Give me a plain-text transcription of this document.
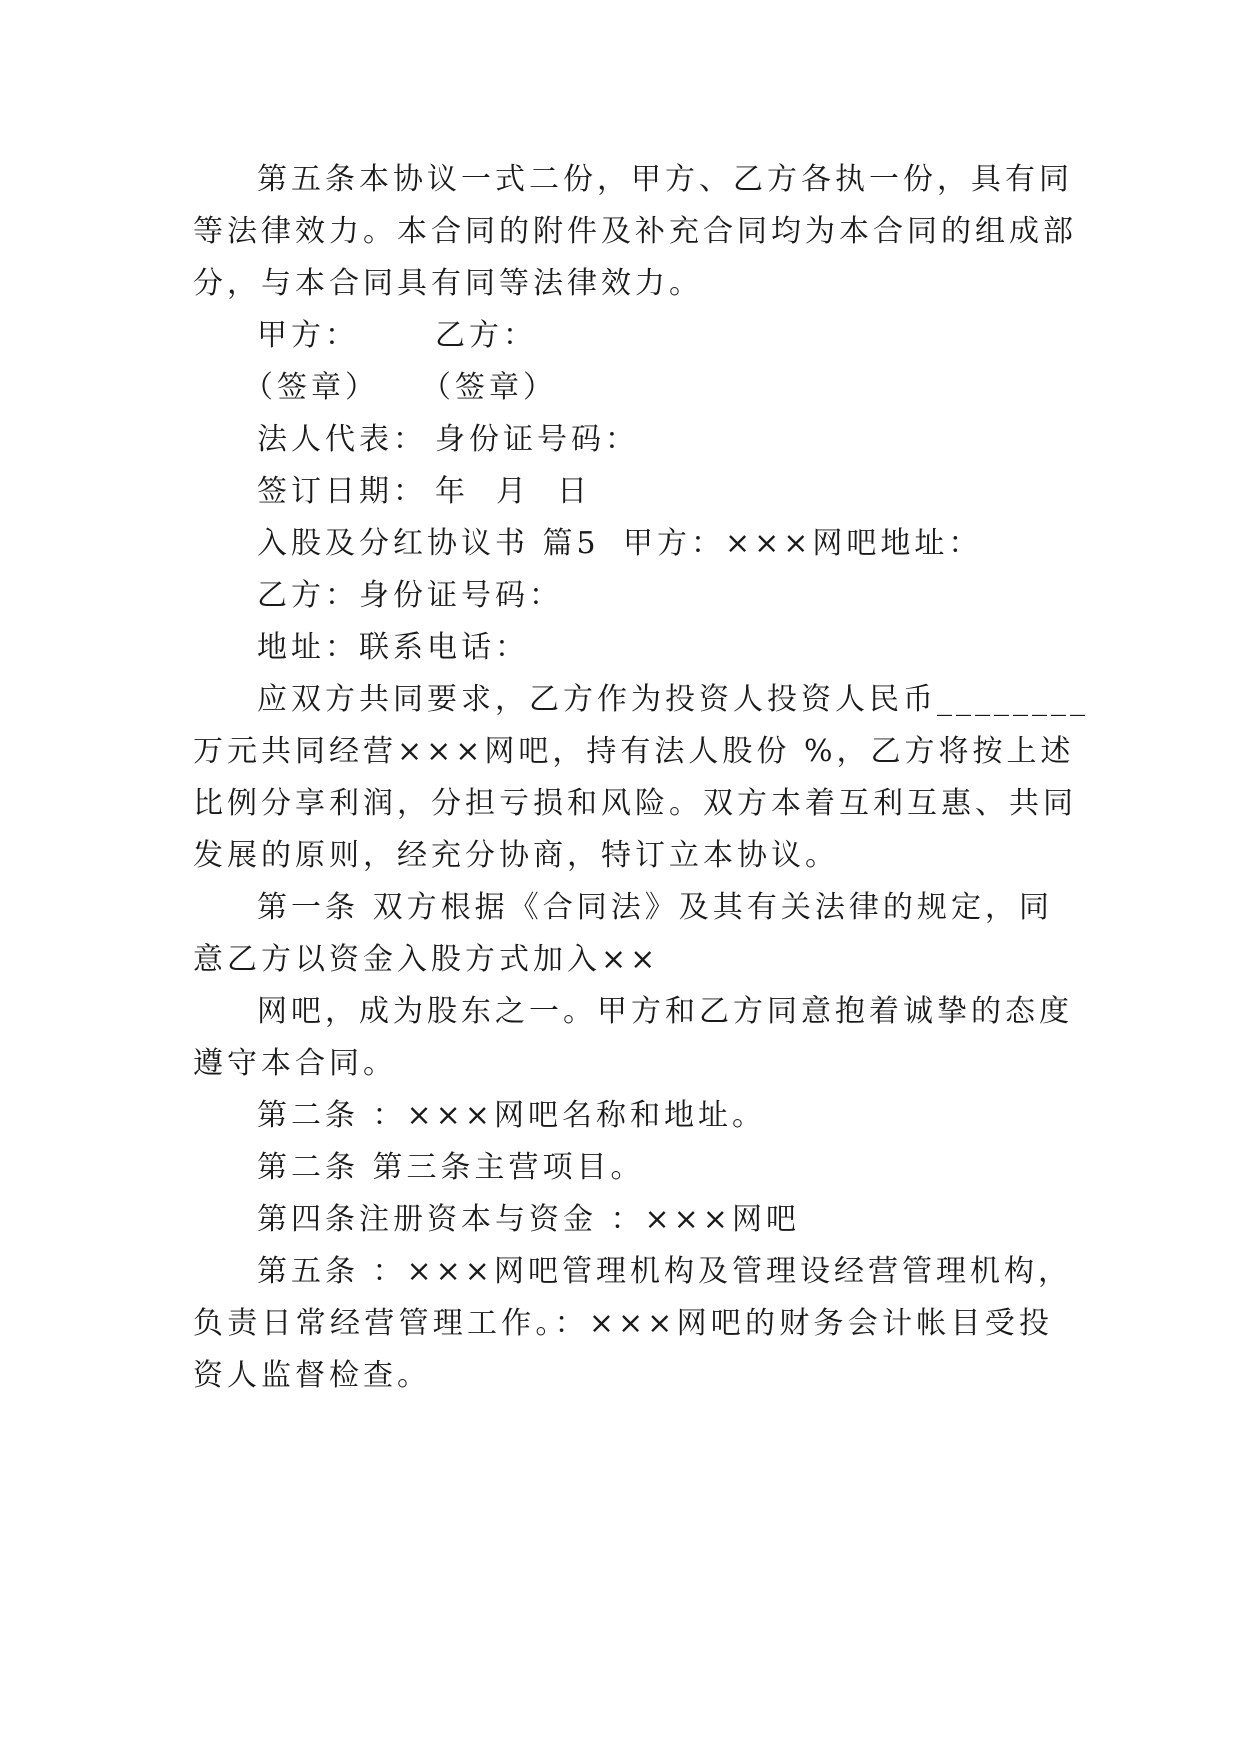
第五条本协议一式二份，甲方、乙方各执一份，具有同
等法律效力。本合同的附件及补充合同均为本合同的组成部
分，与本合同具有同等法律效力。

甲方：

	乙方：

（签章）

（签章）

法人代表：

身份证号码：

签订日期：

年  月  日

入股及分红协议书 篇5

甲方：×××网吧地址：

乙方：

身份证号码：

地址：

联系电话：

应双方共同要求，乙方作为投资人投资人民币________
万元共同经营×××网吧，持有法人股份 %，乙方将按上述
比例分享利润，分担亏损和风险。双方本着互利互惠、共同
发展的原则，经充分协商，特订立本协议。
第一条 双方根据《合同法》及其有关法律的规定，同
意乙方以资金入股方式加入××
网吧，成为股东之一。甲方和乙方同意抱着诚挚的态度
遵守本合同。
第二条 ：×××网吧名称和地址。
第二条 第三条主营项目。
第四条注册资本与资金 ：×××网吧
第五条 ：×××网吧管理机构及管理设经营管理机构，
负责日常经营管理工作。：×××网吧的财务会计帐目受投
资人监督检查。
